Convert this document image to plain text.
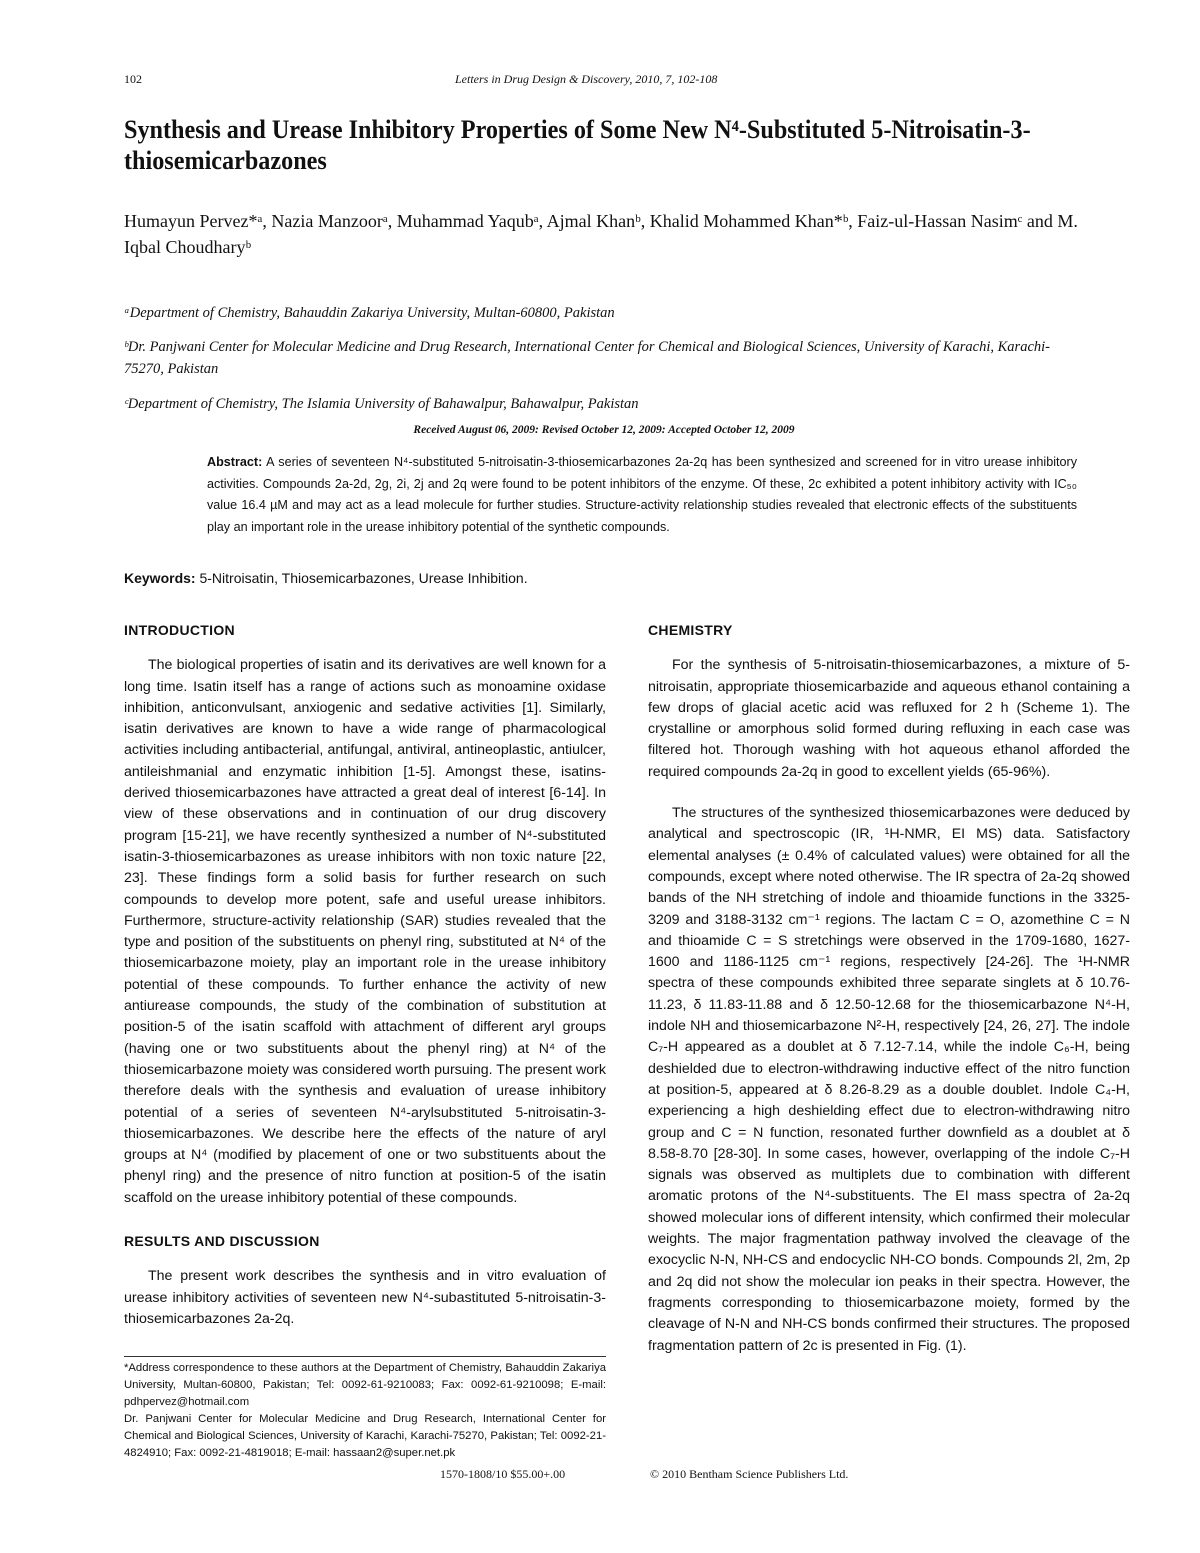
102	Letters in Drug Design & Discovery, 2010, 7, 102-108
Synthesis and Urease Inhibitory Properties of Some New N⁴-Substituted 5-Nitroisatin-3-thiosemicarbazones
Humayun Pervez*ᵃ, Nazia Manzoorᵃ, Muhammad Yaqubᵃ, Ajmal Khanᵇ, Khalid Mohammed Khan*ᵇ, Faiz-ul-Hassan Nasimᶜ and M. Iqbal Choudharyᵇ
ᵃDepartment of Chemistry, Bahauddin Zakariya University, Multan-60800, Pakistan
ᵇDr. Panjwani Center for Molecular Medicine and Drug Research, International Center for Chemical and Biological Sciences, University of Karachi, Karachi-75270, Pakistan
ᶜDepartment of Chemistry, The Islamia University of Bahawalpur, Bahawalpur, Pakistan
Received August 06, 2009: Revised October 12, 2009: Accepted October 12, 2009
Abstract: A series of seventeen N⁴-substituted 5-nitroisatin-3-thiosemicarbazones 2a-2q has been synthesized and screened for in vitro urease inhibitory activities. Compounds 2a-2d, 2g, 2i, 2j and 2q were found to be potent inhibitors of the enzyme. Of these, 2c exhibited a potent inhibitory activity with IC₅₀ value 16.4 µM and may act as a lead molecule for further studies. Structure-activity relationship studies revealed that electronic effects of the substituents play an important role in the urease inhibitory potential of the synthetic compounds.
Keywords: 5-Nitroisatin, Thiosemicarbazones, Urease Inhibition.
INTRODUCTION

The biological properties of isatin and its derivatives are well known for a long time. Isatin itself has a range of actions such as monoamine oxidase inhibition, anticonvulsant, anxiogenic and sedative activities [1]. Similarly, isatin derivatives are known to have a wide range of pharmacological activities including antibacterial, antifungal, antiviral, antineoplastic, antiulcer, antileishmanial and enzymatic inhibition [1-5]. Amongst these, isatins-derived thiosemicarbazones have attracted a great deal of interest [6-14]. In view of these observations and in continuation of our drug discovery program [15-21], we have recently synthesized a number of N⁴-substituted isatin-3-thiosemicarbazones as urease inhibitors with non toxic nature [22, 23]. These findings form a solid basis for further research on such compounds to develop more potent, safe and useful urease inhibitors. Furthermore, structure-activity relationship (SAR) studies revealed that the type and position of the substituents on phenyl ring, substituted at N⁴ of the thiosemicarbazone moiety, play an important role in the urease inhibitory potential of these compounds. To further enhance the activity of new antiurease compounds, the study of the combination of substitution at position-5 of the isatin scaffold with attachment of different aryl groups (having one or two substituents about the phenyl ring) at N⁴ of the thiosemicarbazone moiety was considered worth pursuing. The present work therefore deals with the synthesis and evaluation of urease inhibitory potential of a series of seventeen N⁴-arylsubstituted 5-nitroisatin-3-thiosemicarbazones. We describe here the effects of the nature of aryl groups at N⁴ (modified by placement of one or two substituents about the phenyl ring) and the presence of nitro function at position-5 of the isatin scaffold on the urease inhibitory potential of these compounds.

RESULTS AND DISCUSSION

The present work describes the synthesis and in vitro evaluation of urease inhibitory activities of seventeen new N⁴-subastituted 5-nitroisatin-3-thiosemicarbazones 2a-2q.

CHEMISTRY

For the synthesis of 5-nitroisatin-thiosemicarbazones, a mixture of 5-nitroisatin, appropriate thiosemicarbazide and aqueous ethanol containing a few drops of glacial acetic acid was refluxed for 2 h (Scheme 1). The crystalline or amorphous solid formed during refluxing in each case was filtered hot. Thorough washing with hot aqueous ethanol afforded the required compounds 2a-2q in good to excellent yields (65-96%).

The structures of the synthesized thiosemicarbazones were deduced by analytical and spectroscopic (IR, ¹H-NMR, EI MS) data. Satisfactory elemental analyses (± 0.4% of calculated values) were obtained for all the compounds, except where noted otherwise. The IR spectra of 2a-2q showed bands of the NH stretching of indole and thioamide functions in the 3325-3209 and 3188-3132 cm⁻¹ regions. The lactam C = O, azomethine C = N and thioamide C = S stretchings were observed in the 1709-1680, 1627-1600 and 1186-1125 cm⁻¹ regions, respectively [24-26]. The ¹H-NMR spectra of these compounds exhibited three separate singlets at δ 10.76-11.23, δ 11.83-11.88 and δ 12.50-12.68 for the thiosemicarbazone N⁴-H, indole NH and thiosemicarbazone N²-H, respectively [24, 26, 27]. The indole C₇-H appeared as a doublet at δ 7.12-7.14, while the indole C₆-H, being deshielded due to electron-withdrawing inductive effect of the nitro function at position-5, appeared at δ 8.26-8.29 as a double doublet. Indole C₄-H, experiencing a high deshielding effect due to electron-withdrawing nitro group and C = N function, resonated further downfield as a doublet at δ 8.58-8.70 [28-30]. In some cases, however, overlapping of the indole C₇-H signals was observed as multiplets due to combination with different aromatic protons of the N⁴-substituents. The EI mass spectra of 2a-2q showed molecular ions of different intensity, which confirmed their molecular weights. The major fragmentation pathway involved the cleavage of the exocyclic N-N, NH-CS and endocyclic NH-CO bonds. Compounds 2l, 2m, 2p and 2q did not show the molecular ion peaks in their spectra. However, the fragments corresponding to thiosemicarbazone moiety, formed by the cleavage of N-N and NH-CS bonds confirmed their structures. The proposed fragmentation pattern of 2c is presented in Fig. (1).

*Address correspondence to these authors at the Department of Chemistry, Bahauddin Zakariya University, Multan-60800, Pakistan; Tel: 0092-61-9210083; Fax: 0092-61-9210098; E-mail: pdhpervez@hotmail.com
Dr. Panjwani Center for Molecular Medicine and Drug Research, International Center for Chemical and Biological Sciences, University of Karachi, Karachi-75270, Pakistan; Tel: 0092-21-4824910; Fax: 0092-21-4819018; E-mail: hassaan2@super.net.pk
1570-1808/10 $55.00+.00	© 2010 Bentham Science Publishers Ltd.
